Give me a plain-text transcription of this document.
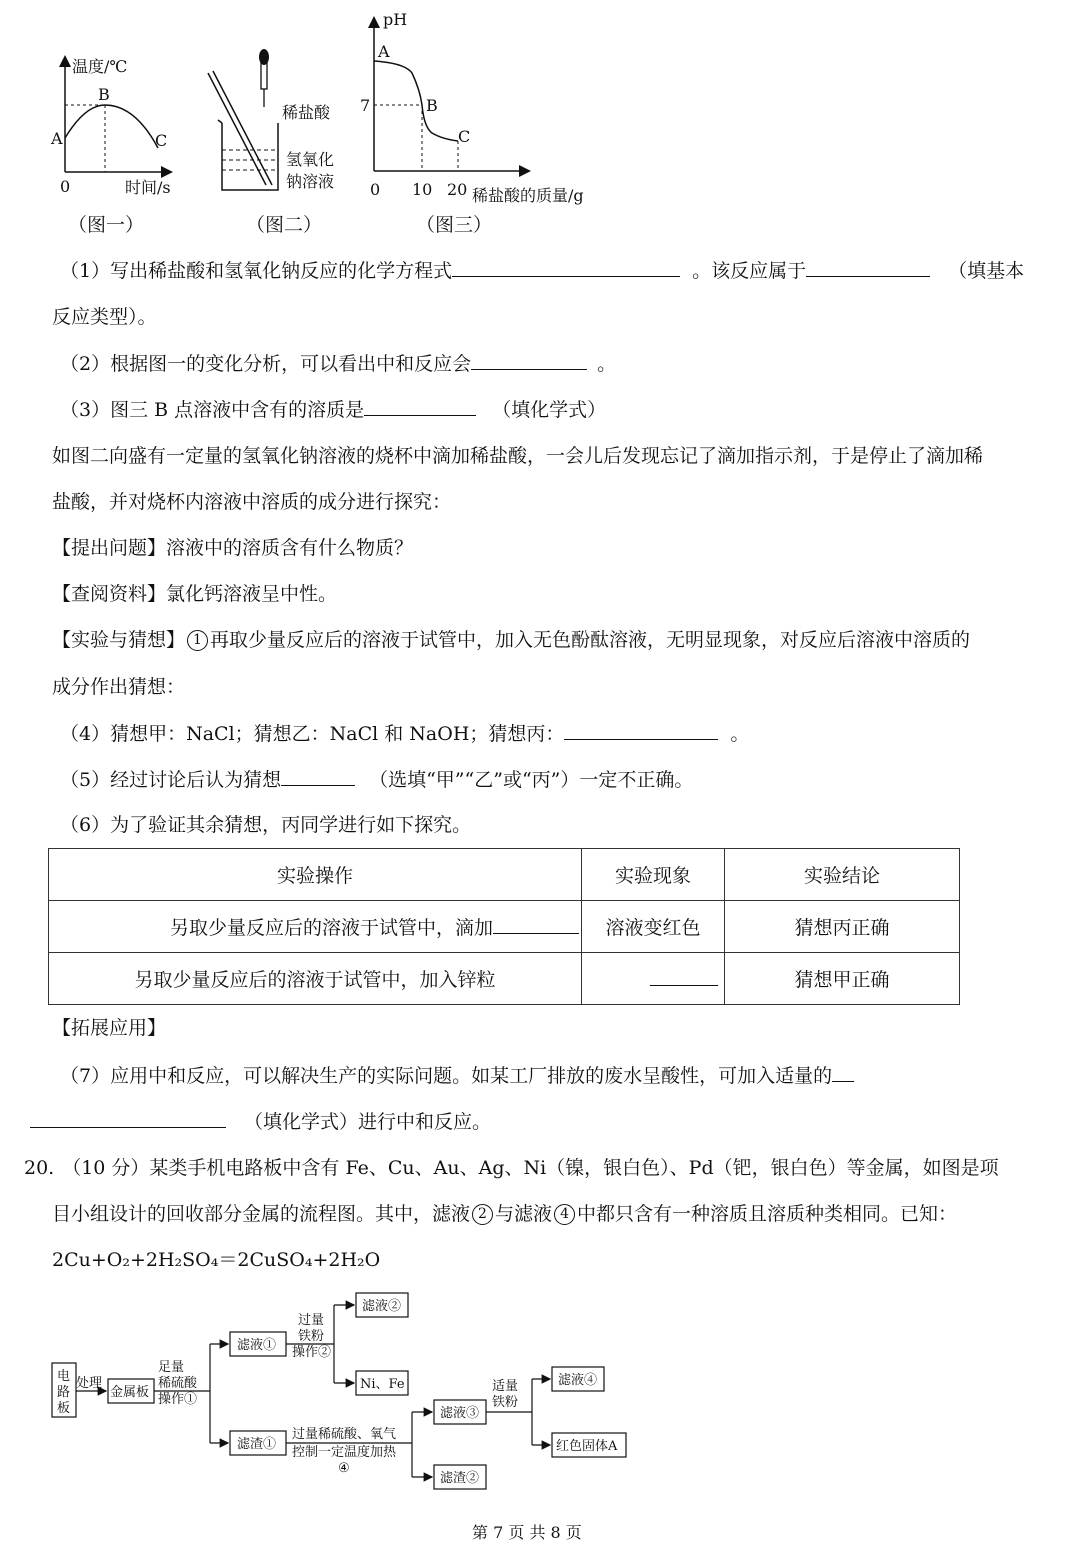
温度/℃
时间/s
0
A
B
C
（图一）
稀盐酸
氢氧化
钠溶液
（图二）
pH
A
B
C
7
0 10 20 稀盐酸的质量/g
（图三）
（1）写出稀盐酸和氢氧化钠反应的化学方程式	。该反应属于	（填基本
反应类型）。
（2）根据图一的变化分析，可以看出中和反应会	。
（3）图三 B 点溶液中含有的溶质是	（填化学式）
如图二向盛有一定量的氢氧化钠溶液的烧杯中滴加稀盐酸，一会儿后发现忘记了滴加指示剂，于是停止了滴加稀
盐酸，并对烧杯内溶液中溶质的成分进行探究：
【提出问题】溶液中的溶质含有什么物质？
【查阅资料】氯化钙溶液呈中性。
【实验与猜想】 1 再取少量反应后的溶液于试管中，加入无色酚酞溶液，无明显现象，对反应后溶液中溶质的
成分作出猜想：
（4）猜想甲：NaCl；猜想乙：NaCl 和 NaOH；猜想丙：	。
（5）经过讨论后认为猜想	（选填“甲”“乙”或“丙”）一定不正确。
（6）为了验证其余猜想，丙同学进行如下探究。
实验操作	实验现象	实验结论
另取少量反应后的溶液于试管中，滴加	溶液变红色	猜想丙正确
另取少量反应后的溶液于试管中，加入锌粒		猜想甲正确
【拓展应用】
（7）应用中和反应，可以解决生产的实际问题。如某工厂排放的废水呈酸性，可加入适量的
（填化学式）进行中和反应。
20. （10 分）某类手机电路板中含有 Fe、Cu、Au、Ag、Ni（镍，银白色）、Pd（钯，银白色）等金属，如图是项
目小组设计的回收部分金属的流程图。其中，滤液 2 与滤液 4 中都只含有一种溶质且溶质种类相同。已知：
2Cu+O₂+2H₂SO₄＝2CuSO₄+2H₂O
电
路
板
处理
金属板
足量
稀硫酸
操作①
滤液①
滤渣①
过量
铁粉
操作②
滤液②
Ni、Fe
过量稀硫酸、氧气
控制一定温度加热
④
滤液③
滤渣②
适量
铁粉
滤液④
红色固体A
第 7 页 共 8 页
